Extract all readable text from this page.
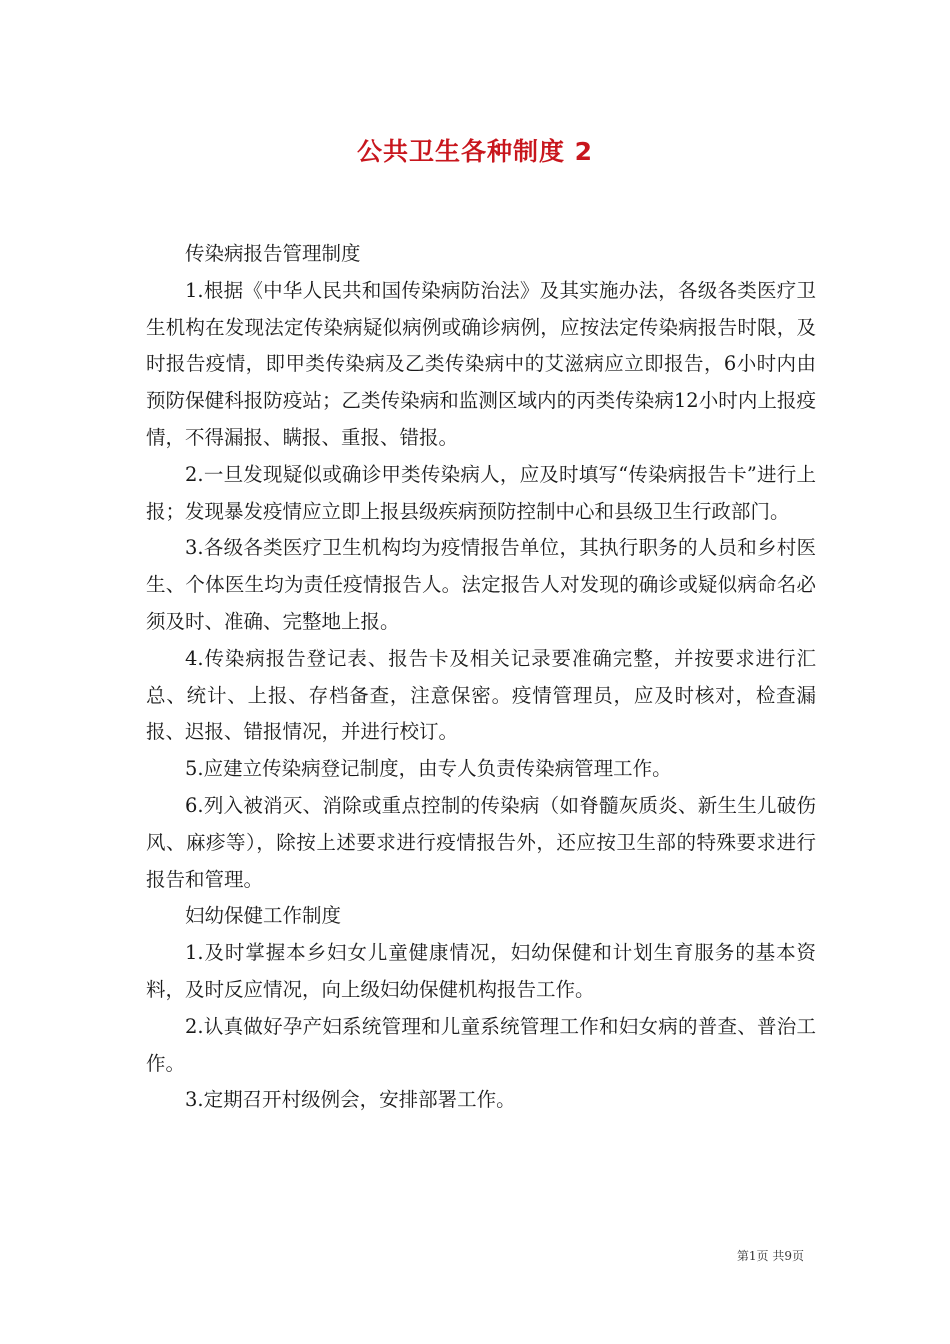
公共卫生各种制度 2

传染病报告管理制度

1.根据《中华人民共和国传染病防治法》及其实施办法，各级各类医疗卫生机构在发现法定传染病疑似病例或确诊病例，应按法定传染病报告时限，及时报告疫情，即甲类传染病及乙类传染病中的艾滋病应立即报告，6小时内由预防保健科报防疫站；乙类传染病和监测区域内的丙类传染病12小时内上报疫情，不得漏报、瞒报、重报、错报。

2.一旦发现疑似或确诊甲类传染病人，应及时填写“传染病报告卡”进行上报；发现暴发疫情应立即上报县级疾病预防控制中心和县级卫生行政部门。

3.各级各类医疗卫生机构均为疫情报告单位，其执行职务的人员和乡村医生、个体医生均为责任疫情报告人。法定报告人对发现的确诊或疑似病命名必须及时、准确、完整地上报。

4.传染病报告登记表、报告卡及相关记录要准确完整，并按要求进行汇总、统计、上报、存档备查，注意保密。疫情管理员，应及时核对，检查漏报、迟报、错报情况，并进行校订。

5.应建立传染病登记制度，由专人负责传染病管理工作。

6.列入被消灭、消除或重点控制的传染病（如脊髓灰质炎、新生生儿破伤风、麻疹等），除按上述要求进行疫情报告外，还应按卫生部的特殊要求进行报告和管理。

妇幼保健工作制度

1.及时掌握本乡妇女儿童健康情况，妇幼保健和计划生育服务的基本资料，及时反应情况，向上级妇幼保健机构报告工作。

2.认真做好孕产妇系统管理和儿童系统管理工作和妇女病的普查、普治工作。

3.定期召开村级例会，安排部署工作。

第1页 共9页
